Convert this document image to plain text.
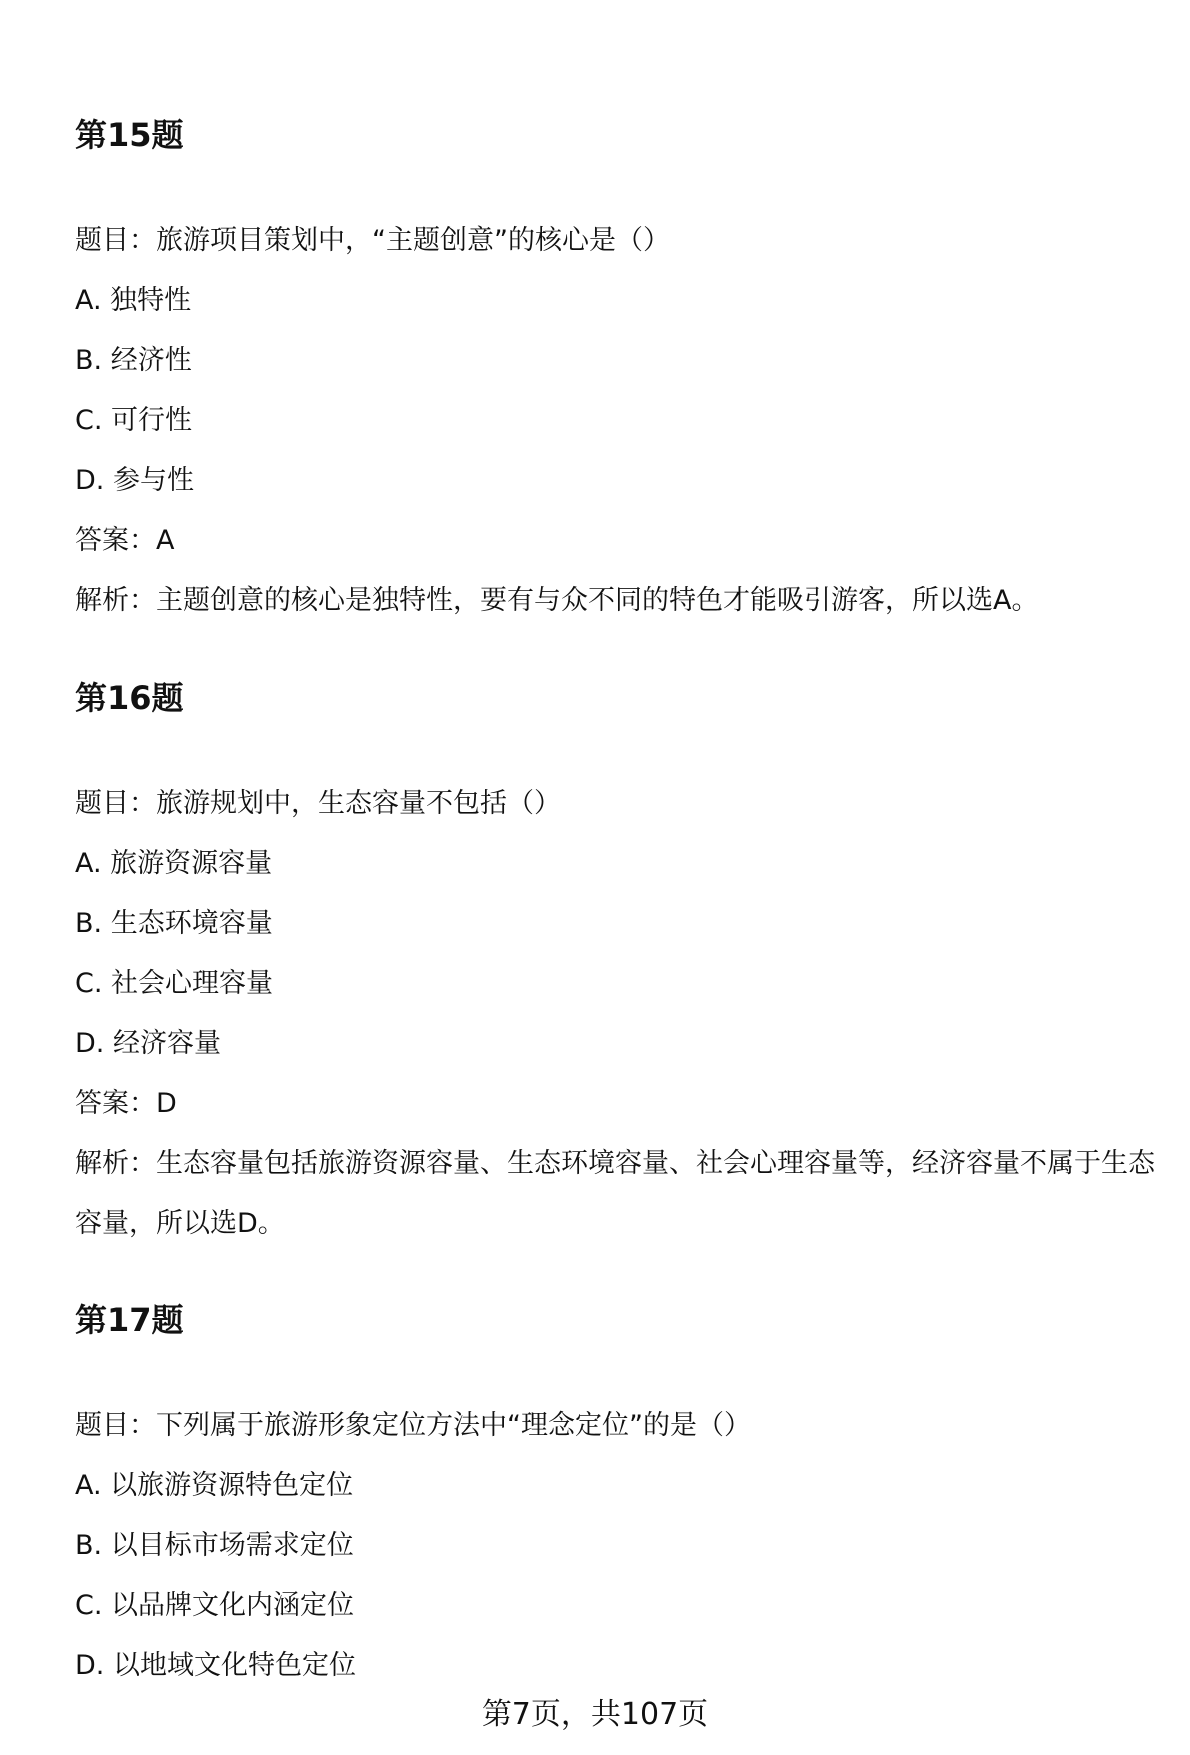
第15题
题目：旅游项目策划中，“主题创意”的核心是（）
A. 独特性
B. 经济性
C. 可行性
D. 参与性
答案：A
解析：主题创意的核心是独特性，要有与众不同的特色才能吸引游客，所以选A。
第16题
题目：旅游规划中，生态容量不包括（）
A. 旅游资源容量
B. 生态环境容量
C. 社会心理容量
D. 经济容量
答案：D
解析：生态容量包括旅游资源容量、生态环境容量、社会心理容量等，经济容量不属于生态容量，所以选D。
第17题
题目：下列属于旅游形象定位方法中“理念定位”的是（）
A. 以旅游资源特色定位
B. 以目标市场需求定位
C. 以品牌文化内涵定位
D. 以地域文化特色定位
第7页，共107页
